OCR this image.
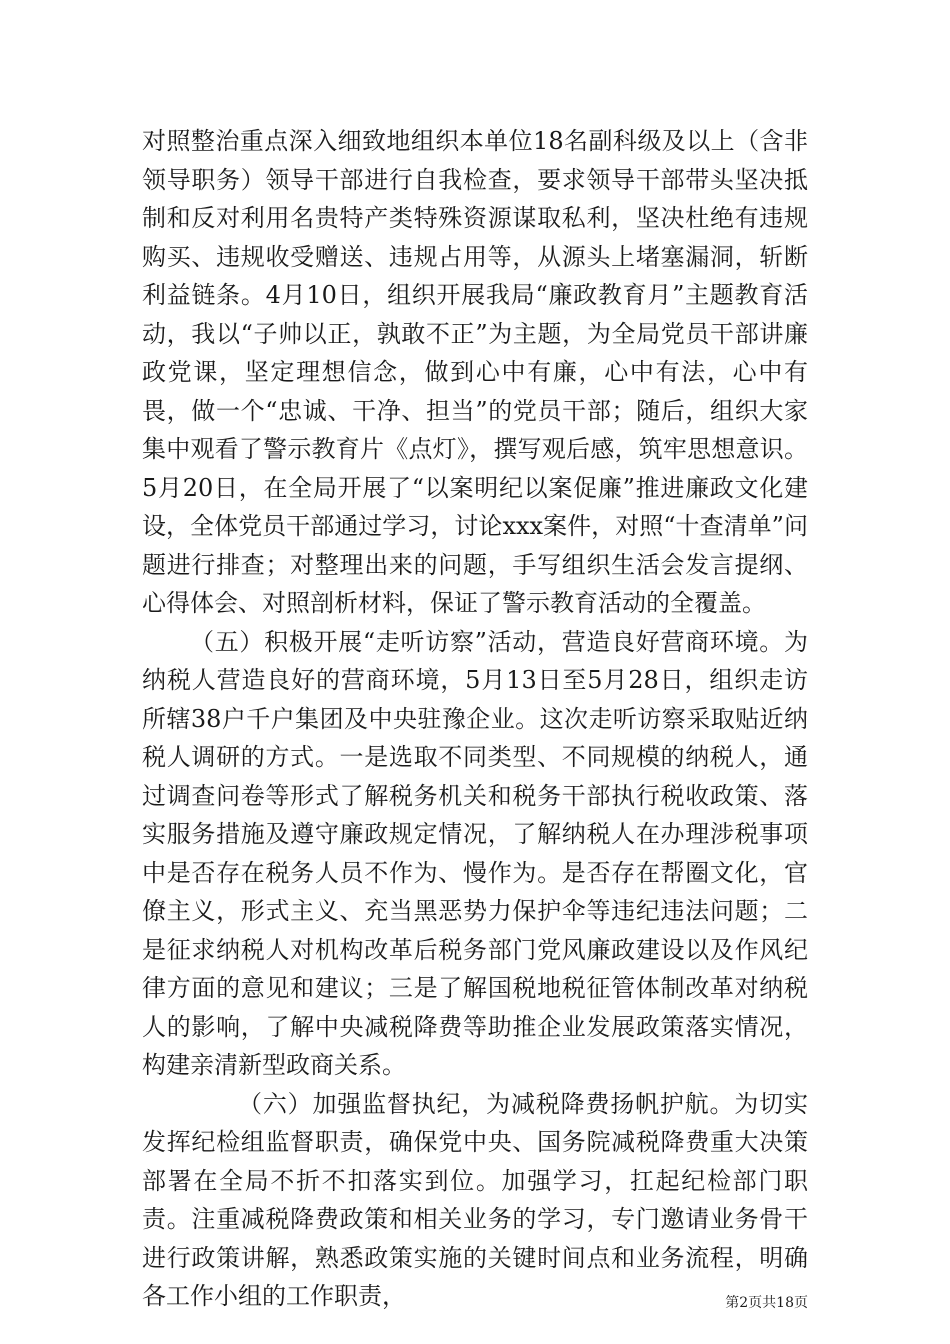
对照整治重点深入细致地组织本单位18名副科级及以上（含非领导职务）领导干部进行自我检查，要求领导干部带头坚决抵制和反对利用名贵特产类特殊资源谋取私利，坚决杜绝有违规购买、违规收受赠送、违规占用等，从源头上堵塞漏洞，斩断利益链条。4月10日，组织开展我局“廉政教育月”主题教育活动，我以“子帅以正，孰敢不正”为主题，为全局党员干部讲廉政党课，坚定理想信念，做到心中有廉，心中有法，心中有畏，做一个“忠诚、干净、担当”的党员干部；随后，组织大家集中观看了警示教育片《点灯》，撰写观后感，筑牢思想意识。5月20日，在全局开展了“以案明纪以案促廉”推进廉政文化建设，全体党员干部通过学习，讨论xxx案件，对照“十查清单”问题进行排查；对整理出来的问题，手写组织生活会发言提纲、心得体会、对照剖析材料，保证了警示教育活动的全覆盖。

（五）积极开展“走听访察”活动，营造良好营商环境。为纳税人营造良好的营商环境，5月13日至5月28日，组织走访所辖38户千户集团及中央驻豫企业。这次走听访察采取贴近纳税人调研的方式。一是选取不同类型、不同规模的纳税人，通过调查问卷等形式了解税务机关和税务干部执行税收政策、落实服务措施及遵守廉政规定情况，了解纳税人在办理涉税事项中是否存在税务人员不作为、慢作为。是否存在帮圈文化，官僚主义，形式主义、充当黑恶势力保护伞等违纪违法问题；二是征求纳税人对机构改革后税务部门党风廉政建设以及作风纪律方面的意见和建议；三是了解国税地税征管体制改革对纳税人的影响，了解中央减税降费等助推企业发展政策落实情况，构建亲清新型政商关系。

（六）加强监督执纪，为减税降费扬帆护航。为切实发挥纪检组监督职责，确保党中央、国务院减税降费重大决策部署在全局不折不扣落实到位。加强学习，扛起纪检部门职责。注重减税降费政策和相关业务的学习，专门邀请业务骨干进行政策讲解，熟悉政策实施的关键时间点和业务流程，明确各工作小组的工作职责，	第2页共18页
